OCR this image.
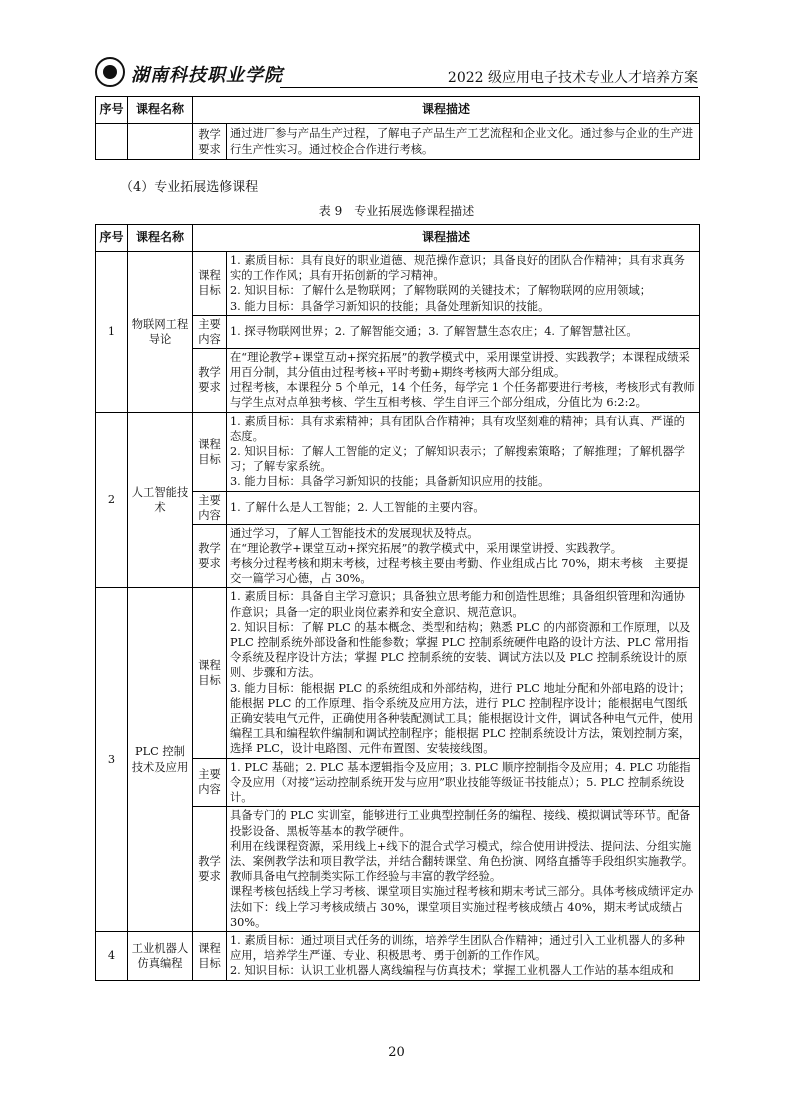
湖南科技职业学院	2022 级应用电子技术专业人才培养方案
序号	课程名称	课程描述	
		教学要求	通过进厂参与产品生产过程，了解电子产品生产工艺流程和企业文化。通过参与企业的生产进行生产性实习。通过校企合作进行考核。
（4）专业拓展选修课程
表 9　专业拓展选修课程描述
序号	课程名称	课程描述	
1	物联网工程导论	课程目标	1. 素质目标：具有良好的职业道德、规范操作意识；具备良好的团队合作精神；具有求真务实的工作作风；具有开拓创新的学习精神。
2. 知识目标：了解什么是物联网；了解物联网的关键技术；了解物联网的应用领域；
3. 能力目标：具备学习新知识的技能；具备处理新知识的技能。

		主要内容	1. 探寻物联网世界；2. 了解智能交通；3. 了解智慧生态农庄；4. 了解智慧社区。

		教学要求	在“理论教学+课堂互动+探究拓展”的教学模式中，采用课堂讲授、实践教学；本课程成绩采用百分制，其分值由过程考核+平时考勤+期终考核两大部分组成。
过程考核，本课程分 5 个单元，14 个任务，每学完 1 个任务都要进行考核，考核形式有教师与学生点对点单独考核、学生互相考核、学生自评三个部分组成，分值比为 6:2:2。

2	人工智能技术	课程目标	1. 素质目标：具有求索精神；具有团队合作精神；具有攻坚刻难的精神；具有认真、严谨的态度。
2. 知识目标：了解人工智能的定义；了解知识表示；了解搜索策略；了解推理；了解机器学习；了解专家系统。
3. 能力目标：具备学习新知识的技能；具备新知识应用的技能。

		主要内容	1. 了解什么是人工智能；2. 人工智能的主要内容。

		教学要求	通过学习，了解人工智能技术的发展现状及特点。
在“理论教学+课堂互动+探究拓展”的教学模式中，采用课堂讲授、实践教学。
考核分过程考核和期末考核，过程考核主要由考勤、作业组成占比 70%，期末考核　主要提交一篇学习心德，占 30%。

3	PLC 控制技术及应用	课程目标	1. 素质目标：具备自主学习意识；具备独立思考能力和创造性思维；具备组织管理和沟通协作意识；具备一定的职业岗位素养和安全意识、规范意识。
2. 知识目标：了解 PLC 的基本概念、类型和结构；熟悉 PLC 的内部资源和工作原理，以及 PLC 控制系统外部设备和性能参数；掌握 PLC 控制系统硬件电路的设计方法、PLC 常用指令系统及程序设计方法；掌握 PLC 控制系统的安装、调试方法以及 PLC 控制系统设计的原则、步骤和方法。
3. 能力目标：能根据 PLC 的系统组成和外部结构，进行 PLC 地址分配和外部电路的设计；能根据 PLC 的工作原理、指令系统及应用方法，进行 PLC 控制程序设计；能根据电气图纸正确安装电气元件，正确使用各种装配测试工具；能根据设计文件，调试各种电气元件，使用编程工具和编程软件编制和调试控制程序；能根据 PLC 控制系统设计方法，策划控制方案，选择 PLC，设计电路图、元件布置图、安装接线图。

		主要内容	1. PLC 基础；2. PLC 基本逻辑指令及应用；3. PLC 顺序控制指令及应用；4. PLC 功能指令及应用（对接“运动控制系统开发与应用”职业技能等级证书技能点）；5. PLC 控制系统设计。

		教学要求	具备专门的 PLC 实训室，能够进行工业典型控制任务的编程、接线、模拟调试等环节。配备投影设备、黑板等基本的教学硬件。
利用在线课程资源，采用线上+线下的混合式学习模式，综合使用讲授法、提问法、分组实施法、案例教学法和项目教学法，并结合翻转课堂、角色扮演、网络直播等手段组织实施教学。
教师具备电气控制类实际工作经验与丰富的教学经验。
课程考核包括线上学习考核、课堂项目实施过程考核和期末考试三部分。具体考核成绩评定办法如下：线上学习考核成绩占 30%，课堂项目实施过程考核成绩占 40%，期末考试成绩占 30%。

4	工业机器人仿真编程	课程目标	1. 素质目标：通过项目式任务的训练，培养学生团队合作精神；通过引入工业机器人的多种应用，培养学生严谨、专业、积极思考、勇于创新的工作作风。
2. 知识目标：认识工业机器人离线编程与仿真技术；掌握工业机器人工作站的基本组成和
20
